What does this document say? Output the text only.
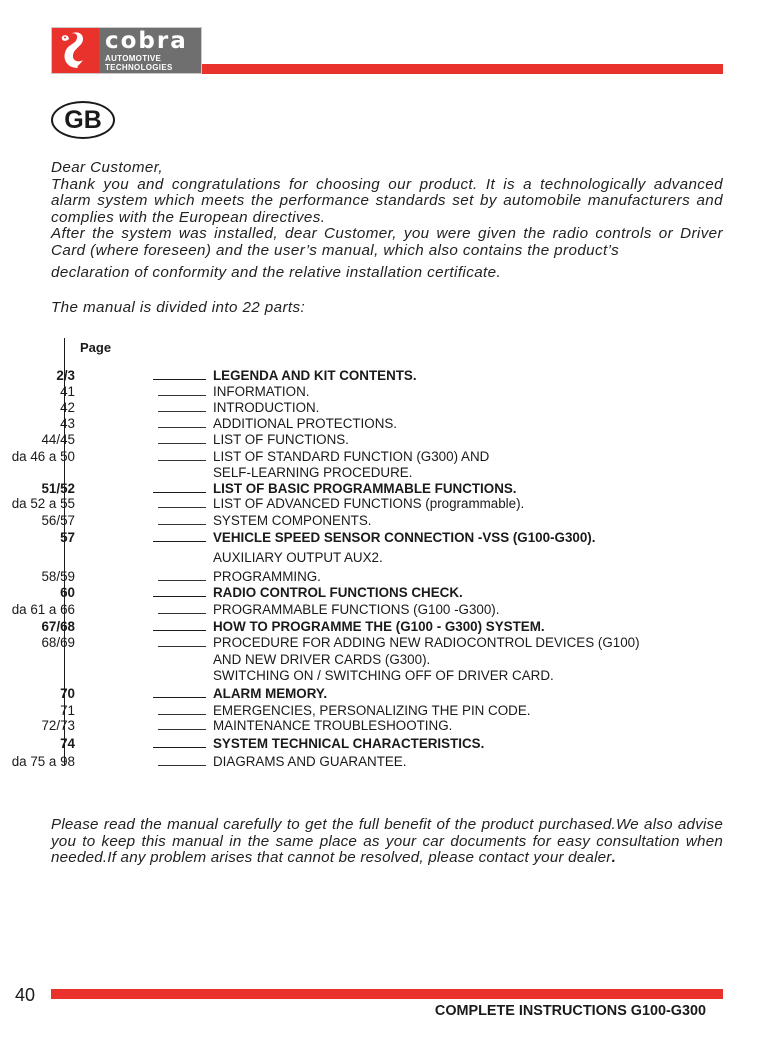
cobra
AUTOMOTIVE
TECHNOLOGIES
GB

Dear Customer,

Thank you and congratulations for choosing our product. It is a technologically advanced alarm system which meets the performance standards set by automobile manufacturers and complies with the European directives.

After the system was installed, dear Customer, you were given the radio controls or Driver Card (where foreseen) and the user’s manual, which also contains the product’s

declaration of conformity and the relative installation certificate.

The manual is divided into 22 parts:

Page
2/3	LEGENDA AND KIT CONTENTS.
41	INFORMATION.
42	INTRODUCTION.
43	ADDITIONAL PROTECTIONS.
44/45	LIST OF FUNCTIONS.
da 46 a 50	LIST OF STANDARD FUNCTION (G300) AND
SELF-LEARNING PROCEDURE.
51/52	LIST OF BASIC PROGRAMMABLE FUNCTIONS.
da 52 a 55	LIST OF ADVANCED FUNCTIONS (programmable).
56/57	SYSTEM COMPONENTS.
57	VEHICLE SPEED SENSOR CONNECTION -VSS (G100-G300).
AUXILIARY OUTPUT AUX2.
58/59	PROGRAMMING.
60	RADIO CONTROL FUNCTIONS CHECK.
da 61 a 66	PROGRAMMABLE FUNCTIONS (G100 -G300).
67/68	HOW TO PROGRAMME THE (G100 - G300) SYSTEM.
68/69	PROCEDURE FOR ADDING NEW RADIOCONTROL DEVICES (G100)
AND NEW DRIVER CARDS (G300).
SWITCHING ON / SWITCHING OFF OF DRIVER CARD.
70	ALARM MEMORY.
71	EMERGENCIES, PERSONALIZING THE PIN CODE.
72/73	MAINTENANCE TROUBLESHOOTING.
74	SYSTEM TECHNICAL CHARACTERISTICS.
da 75 a 98	DIAGRAMS AND GUARANTEE.
Please read the manual carefully to get the full benefit of the product purchased.We also advise you to keep this manual in the same place as your car documents for easy consultation when needed.If any problem arises that cannot be resolved, please contact your dealer.
40
COMPLETE INSTRUCTIONS G100-G300
